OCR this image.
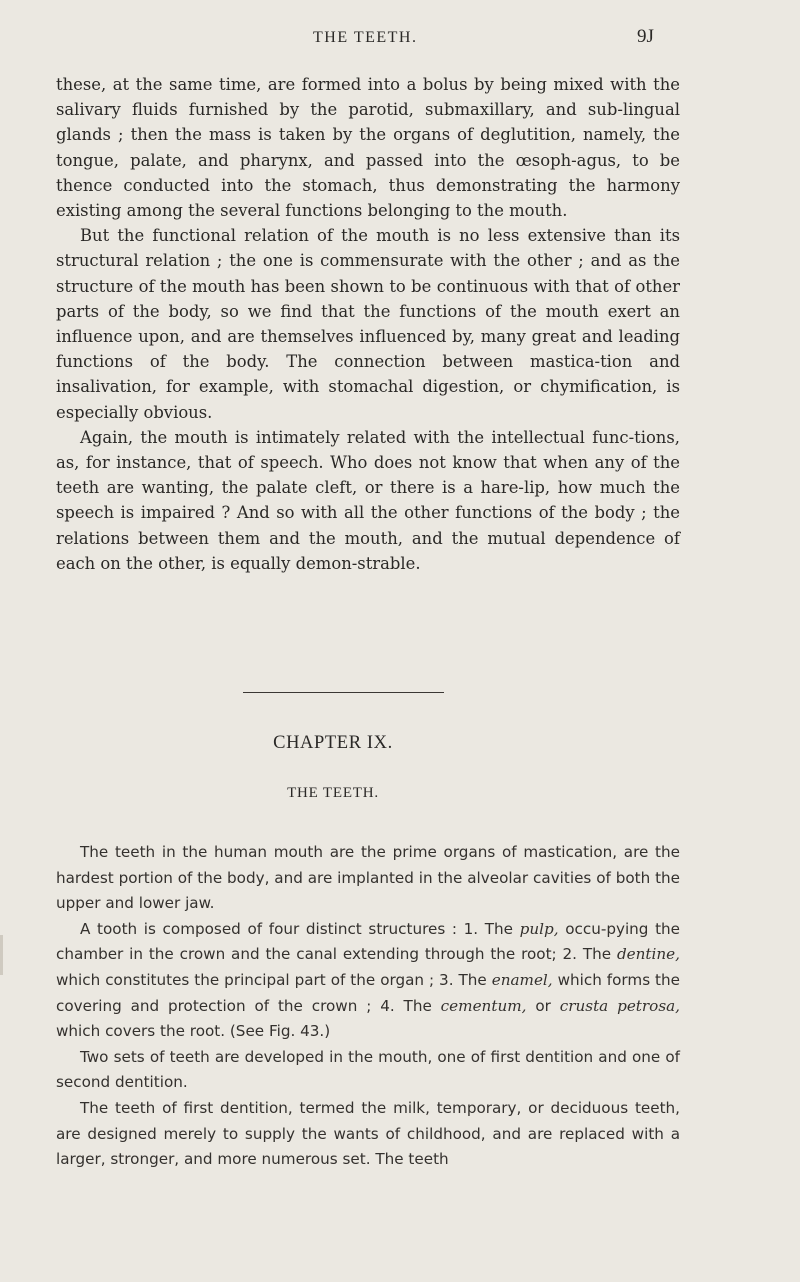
THE TEETH.	9J

these, at the same time, are formed into a bolus by being mixed with the salivary fluids furnished by the parotid, submaxillary, and sub-lingual glands ; then the mass is taken by the organs of deglutition, namely, the tongue, palate, and pharynx, and passed into the œsoph-agus, to be thence conducted into the stomach, thus demonstrating the harmony existing among the several functions belonging to the mouth.

But the functional relation of the mouth is no less extensive than its structural relation ; the one is commensurate with the other ; and as the structure of the mouth has been shown to be continuous with that of other parts of the body, so we find that the functions of the mouth exert an influence upon, and are themselves influenced by, many great and leading functions of the body. The connection between mastica-tion and insalivation, for example, with stomachal digestion, or chymification, is especially obvious.

Again, the mouth is intimately related with the intellectual func-tions, as, for instance, that of speech. Who does not know that when any of the teeth are wanting, the palate cleft, or there is a hare-lip, how much the speech is impaired ? And so with all the other functions of the body ; the relations between them and the mouth, and the mutual dependence of each on the other, is equally demon-strable.

CHAPTER IX.
THE TEETH.

The teeth in the human mouth are the prime organs of mastication, are the hardest portion of the body, and are implanted in the alveolar cavities of both the upper and lower jaw.

A tooth is composed of four distinct structures : 1. The pulp, occu-pying the chamber in the crown and the canal extending through the root; 2. The dentine, which constitutes the principal part of the organ ; 3. The enamel, which forms the covering and protection of the crown ; 4. The cementum, or crusta petrosa, which covers the root. (See Fig. 43.)

Two sets of teeth are developed in the mouth, one of first dentition and one of second dentition.

The teeth of first dentition, termed the milk, temporary, or deciduous teeth, are designed merely to supply the wants of childhood, and are replaced with a larger, stronger, and more numerous set. The teeth
